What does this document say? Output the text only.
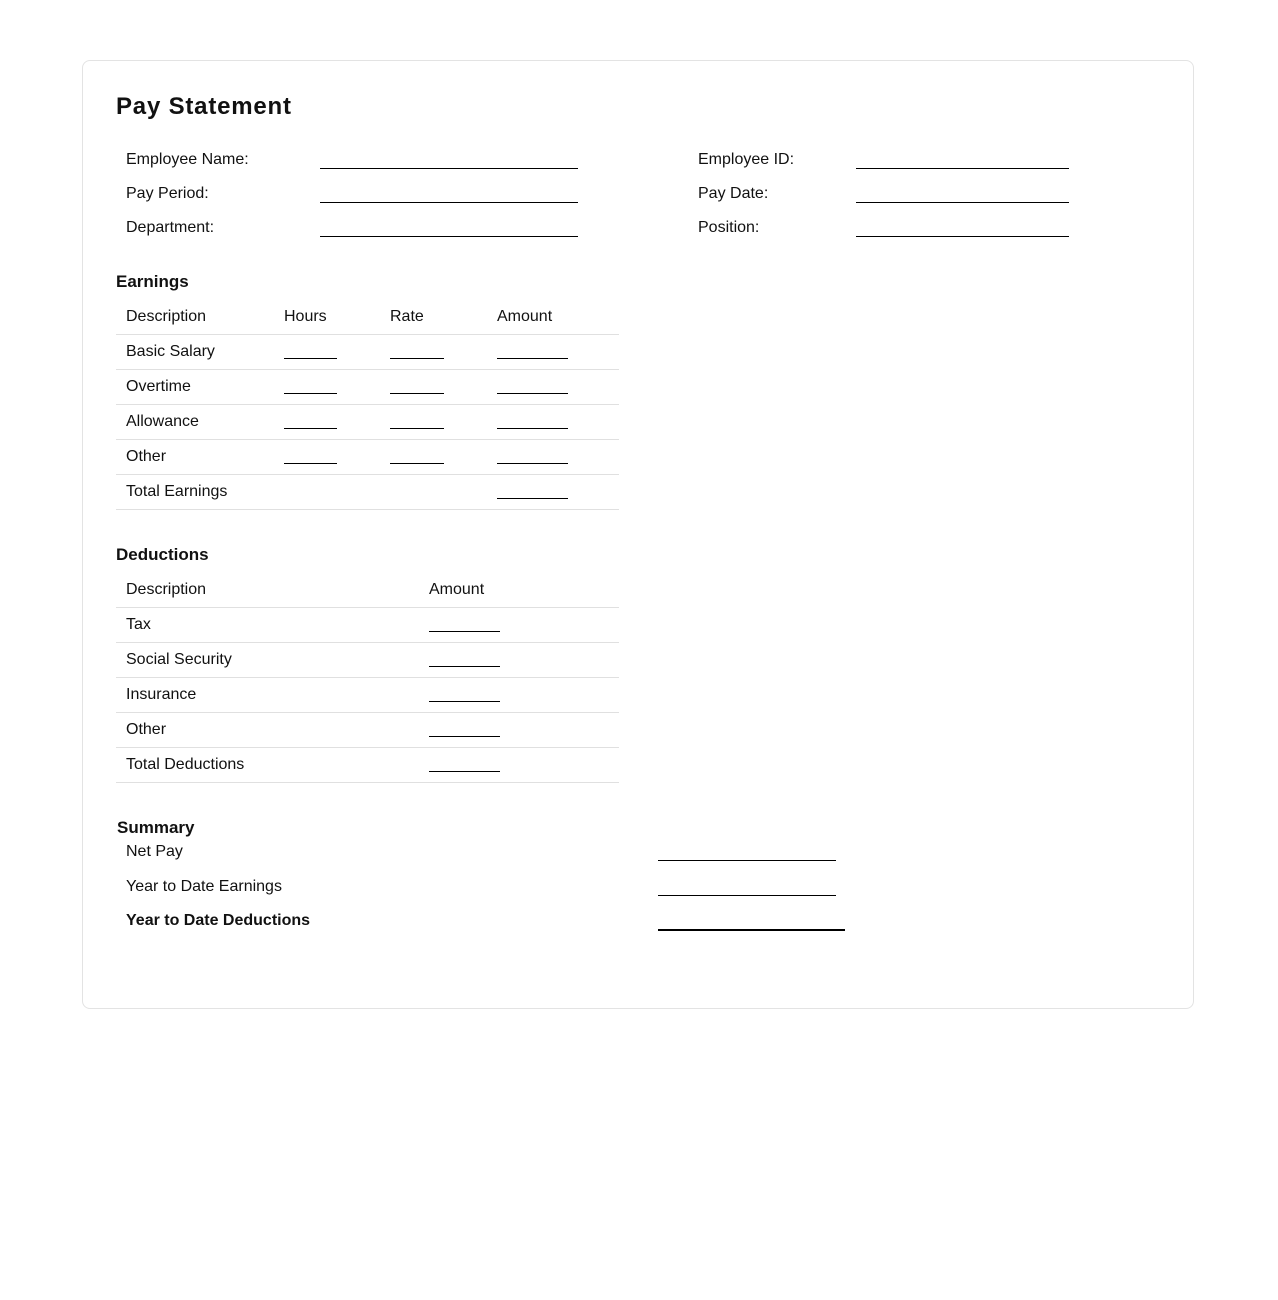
Pay Statement
Employee Name:
Pay Period:
Department:
Employee ID:
Pay Date:
Position:
Earnings
Description	Hours	Rate	Amount
Basic Salary			
Overtime			
Allowance			
Other			
Total Earnings			
Deductions
Description	Amount
Tax	
Social Security	
Insurance	
Other	
Total Deductions	
Summary
Net Pay
Year to Date Earnings
Year to Date Deductions
